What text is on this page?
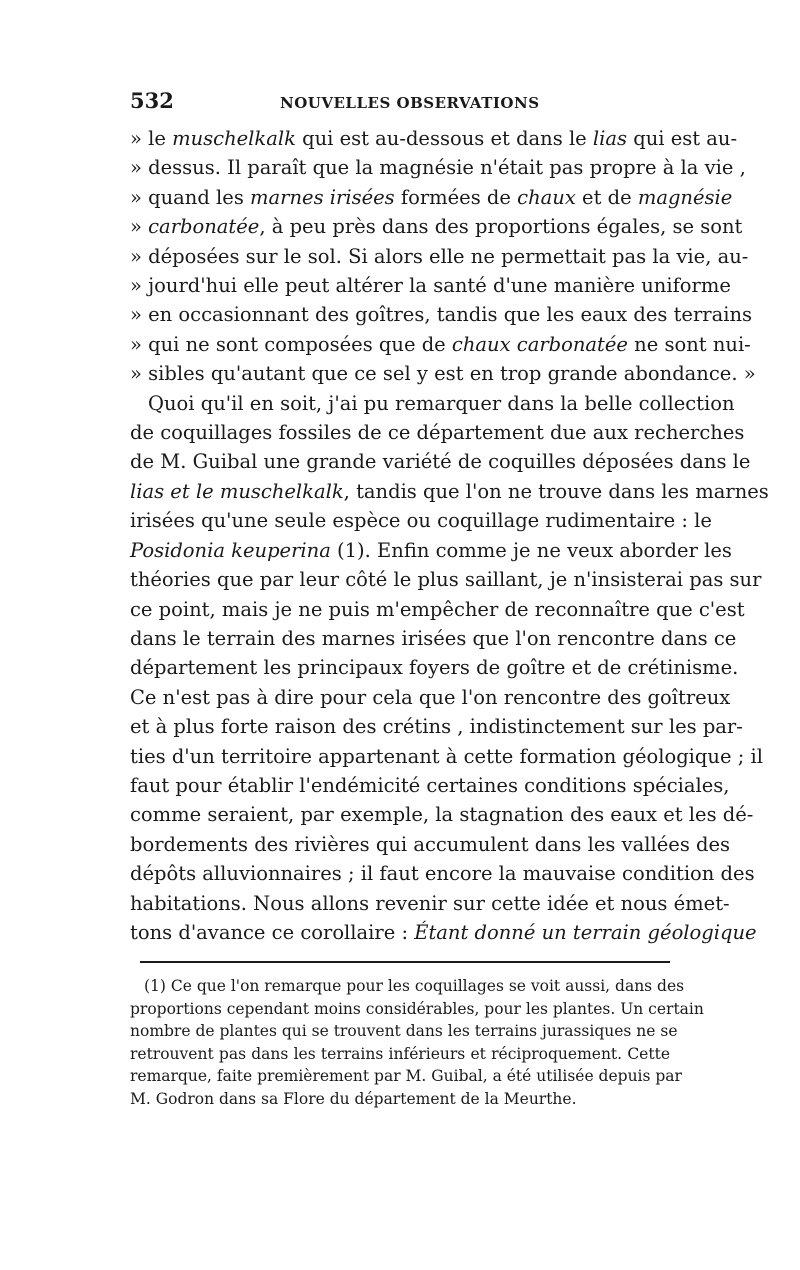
532	NOUVELLES OBSERVATIONS

» le muschelkalk qui est au-dessous et dans le lias qui est au-
» dessus. Il paraît que la magnésie n'était pas propre à la vie ,
» quand les marnes irisées formées de chaux et de magnésie
» carbonatée, à peu près dans des proportions égales, se sont
» déposées sur le sol. Si alors elle ne permettait pas la vie, au-
» jourd'hui elle peut altérer la santé d'une manière uniforme
» en occasionnant des goîtres, tandis que les eaux des terrains
» qui ne sont composées que de chaux carbonatée ne sont nui-
» sibles qu'autant que ce sel y est en trop grande abondance. »

Quoi qu'il en soit, j'ai pu remarquer dans la belle collection
de coquillages fossiles de ce département due aux recherches
de M. Guibal une grande variété de coquilles déposées dans le
lias et le muschelkalk, tandis que l'on ne trouve dans les marnes
irisées qu'une seule espèce ou coquillage rudimentaire : le
Posidonia keuperina (1). Enfin comme je ne veux aborder les
théories que par leur côté le plus saillant, je n'insisterai pas sur
ce point, mais je ne puis m'empêcher de reconnaître que c'est
dans le terrain des marnes irisées que l'on rencontre dans ce
département les principaux foyers de goître et de crétinisme.
Ce n'est pas à dire pour cela que l'on rencontre des goîtreux
et à plus forte raison des crétins , indistinctement sur les par-
ties d'un territoire appartenant à cette formation géologique ; il
faut pour établir l'endémicité certaines conditions spéciales,
comme seraient, par exemple, la stagnation des eaux et les dé-
bordements des rivières qui accumulent dans les vallées des
dépôts alluvionnaires ; il faut encore la mauvaise condition des
habitations. Nous allons revenir sur cette idée et nous émet-
tons d'avance ce corollaire : Étant donné un terrain géologique

(1) Ce que l'on remarque pour les coquillages se voit aussi, dans des
proportions cependant moins considérables, pour les plantes. Un certain
nombre de plantes qui se trouvent dans les terrains jurassiques ne se
retrouvent pas dans les terrains inférieurs et réciproquement. Cette
remarque, faite premièrement par M. Guibal, a été utilisée depuis par
M. Godron dans sa Flore du département de la Meurthe.
